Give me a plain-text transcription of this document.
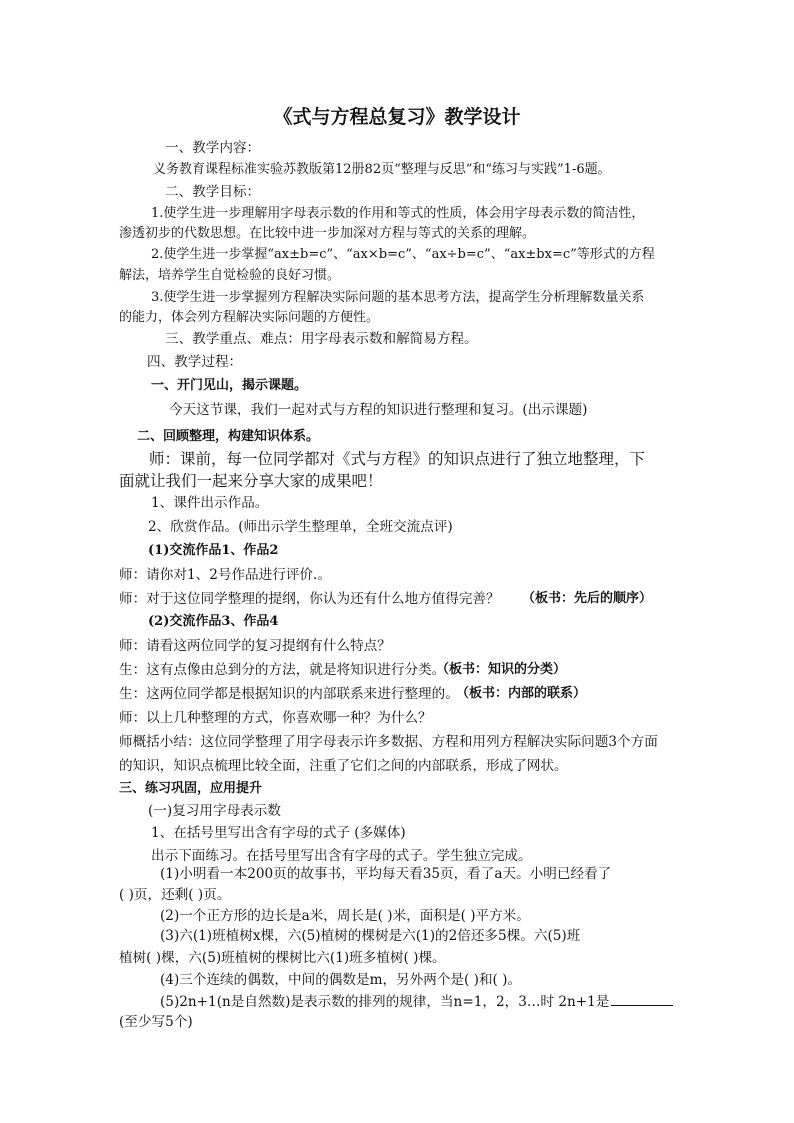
《式与方程总复习》教学设计
一、教学内容：
义务教育课程标准实验苏教版第12册82页“整理与反思”和“练习与实践”1-6题。
二、教学目标：
1.使学生进一步理解用字母表示数的作用和等式的性质，体会用字母表示数的简洁性，
渗透初步的代数思想。在比较中进一步加深对方程与等式的关系的理解。
2.使学生进一步掌握“ax±b=c”、“ax×b=c”、“ax÷b=c”、“ax±bx=c”等形式的方程
解法，培养学生自觉检验的良好习惯。
3.使学生进一步掌握列方程解决实际问题的基本思考方法，提高学生分析理解数量关系
的能力，体会列方程解决实际问题的方便性。
三、教学重点、难点：用字母表示数和解简易方程。
四、教学过程：
一、开门见山，揭示课题。
今天这节课，我们一起对式与方程的知识进行整理和复习。(出示课题)
二、回顾整理，构建知识体系。
师：课前，每一位同学都对《式与方程》的知识点进行了独立地整理，下
面就让我们一起来分享大家的成果吧！
1、课件出示作品。
2、欣赏作品。(师出示学生整理单，全班交流点评)
(1)交流作品1、作品2
师：请你对1、2号作品进行评价.。
师：对于这位同学整理的提纲，你认为还有什么地方值得完善？ （板书：先后的顺序）
(2)交流作品3、作品4
师：请看这两位同学的复习提纲有什么特点？
生：这有点像由总到分的方法，就是将知识进行分类。
（板书：知识的分类）
生：这两位同学都是根据知识的内部联系来进行整理的。
（板书：内部的联系）
师：以上几种整理的方式，你喜欢哪一种？为什么？
师概括小结：这位同学整理了用字母表示许多数据、方程和用列方程解决实际问题3个方面
的知识，知识点梳理比较全面，注重了它们之间的内部联系，形成了网状。
三、练习巩固，应用提升
(一)复习用字母表示数
1、在括号里写出含有字母的式子 (多媒体)
出示下面练习。在括号里写出含有字母的式子。学生独立完成。
(1)小明看一本200页的故事书，平均每天看35页，看了a天。小明已经看了
( )页，还剩( )页。
(2)一个正方形的边长是a米，周长是( )米，面积是( )平方米。
(3)六(1)班植树x棵，六(5)植树的棵树是六(1)的2倍还多5棵。六(5)班
植树( )棵，六(5)班植树的棵树比六(1)班多植树( )棵。
(4)三个连续的偶数，中间的偶数是m，另外两个是( )和( )。
(5)2n+1(n是自然数)是表示数的排列的规律，当n=1，2，3…时 2n+1是
(至少写5个)
